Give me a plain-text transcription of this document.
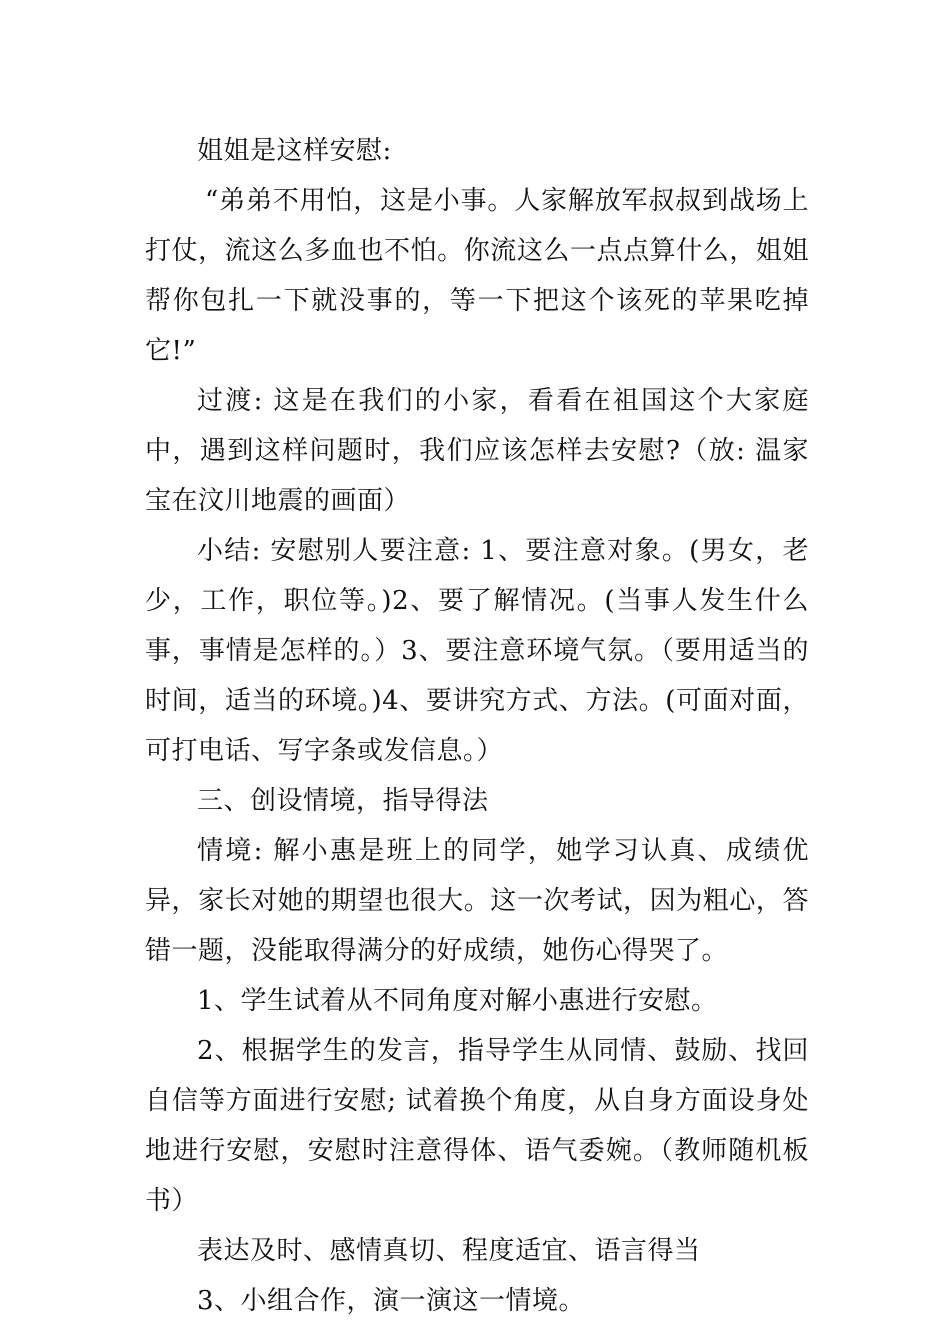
姐姐是这样安慰:

“弟弟不用怕，这是小事。人家解放军叔叔到战场上打仗，流这么多血也不怕。你流这么一点点算什么，姐姐帮你包扎一下就没事的，等一下把这个该死的苹果吃掉它!”

过渡: 这是在我们的小家，看看在祖国这个大家庭中，遇到这样问题时，我们应该怎样去安慰?（放: 温家宝在汶川地震的画面）

小结: 安慰别人要注意: 1、要注意对象。(男女，老少，工作，职位等。)2、要了解情况。(当事人发生什么事，事情是怎样的。）3、要注意环境气氛。（要用适当的时间，适当的环境。)4、要讲究方式、方法。(可面对面，可打电话、写字条或发信息。）

三、创设情境，指导得法

情境: 解小惠是班上的同学，她学习认真、成绩优异，家长对她的期望也很大。这一次考试，因为粗心，答错一题，没能取得满分的好成绩，她伤心得哭了。

1、学生试着从不同角度对解小惠进行安慰。

2、根据学生的发言，指导学生从同情、鼓励、找回自信等方面进行安慰; 试着换个角度，从自身方面设身处地进行安慰，安慰时注意得体、语气委婉。（教师随机板书）

表达及时、感情真切、程度适宜、语言得当

3、小组合作，演一演这一情境。
